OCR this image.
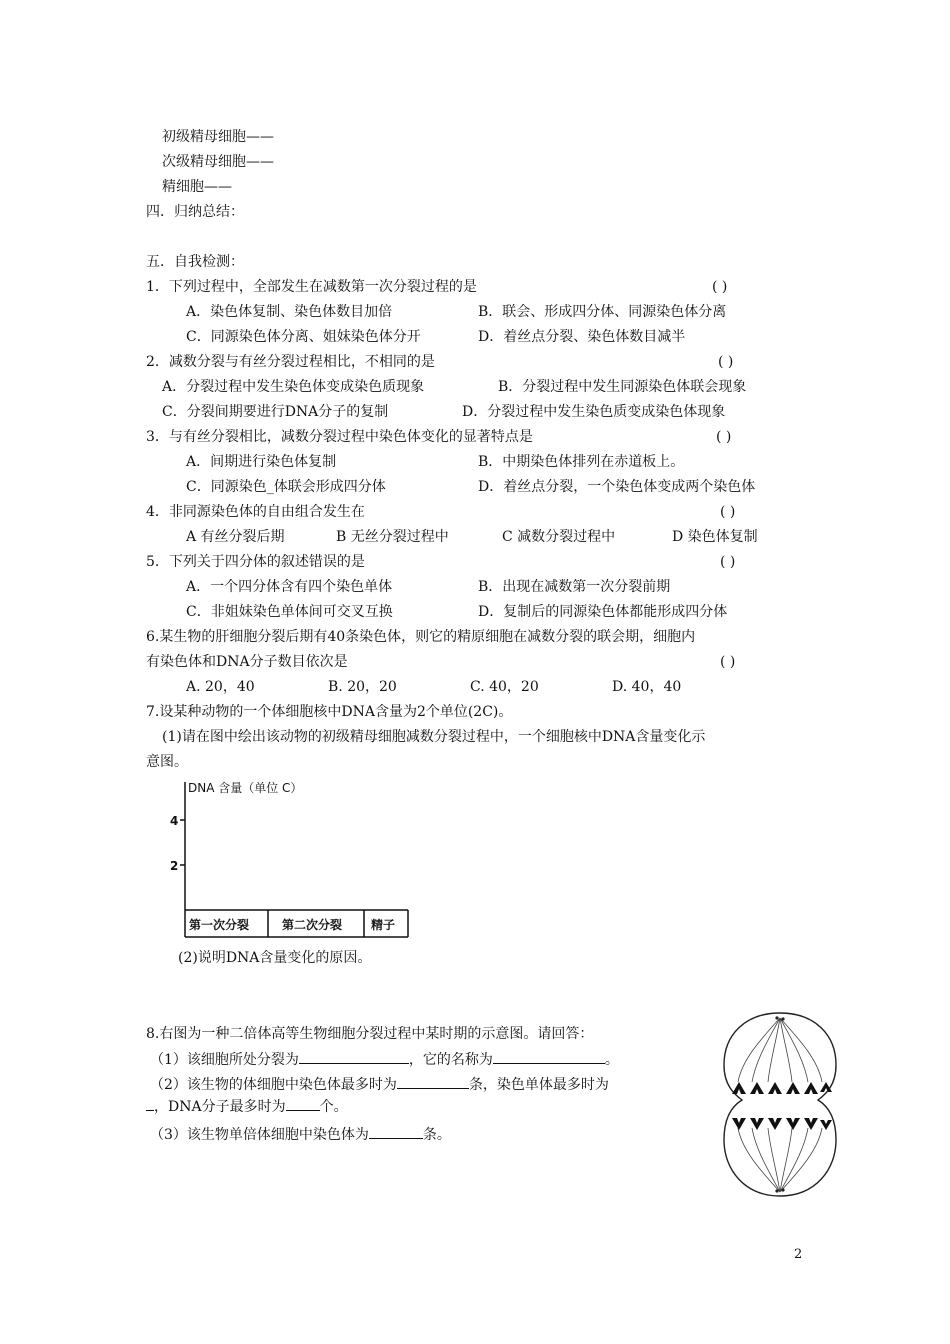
初级精母细胞——
次级精母细胞——
精细胞——
四．归纳总结：
五．自我检测：
1．下列过程中，全部发生在减数第一次分裂过程的是	( )
A．染色体复制、染色体数目加倍	B．联会、形成四分体、同源染色体分离
C．同源染色体分离、姐妹染色体分开	D．着丝点分裂、染色体数目减半
2．减数分裂与有丝分裂过程相比，不相同的是	( )
A．分裂过程中发生染色体变成染色质现象	B．分裂过程中发生同源染色体联会现象
C．分裂间期要进行DNA分子的复制	D．分裂过程中发生染色质变成染色体现象
3．与有丝分裂相比，减数分裂过程中染色体变化的显著特点是	( )
A．间期进行染色体复制	B．中期染色体排列在赤道板上。
C．同源染色_体联会形成四分体	D．着丝点分裂，一个染色体变成两个染色体
4．非同源染色体的自由组合发生在	( )
A 有丝分裂后期	B 无丝分裂过程中	C 减数分裂过程中	D 染色体复制
5．下列关于四分体的叙述错误的是	( )
A．一个四分体含有四个染色单体	B．出现在减数第一次分裂前期
C．非姐妹染色单体间可交叉互换	D．复制后的同源染色体都能形成四分体
6.某生物的肝细胞分裂后期有40条染色体，则它的精原细胞在减数分裂的联会期，细胞内
有染色体和DNA分子数目依次是	( )
A. 20，40	B. 20，20	C. 40，20	D. 40，40
7.设某种动物的一个体细胞核中DNA含量为2个单位(2C)。
(1)请在图中绘出该动物的初级精母细胞减数分裂过程中，一个细胞核中DNA含量变化示
意图。
DNA 含量（单位 C）
4
2
第一次分裂	第二次分裂 精子
(2)说明DNA含量变化的原因。
8.右图为一种二倍体高等生物细胞分裂过程中某时期的示意图。请回答：
（1）该细胞所处分裂为	，它的名称为	。
（2）该生物的体细胞中染色体最多时为	条，染色单体最多时为
，DNA分子最多时为 个。
（3）该生物单倍体细胞中染色体为	条。
2
